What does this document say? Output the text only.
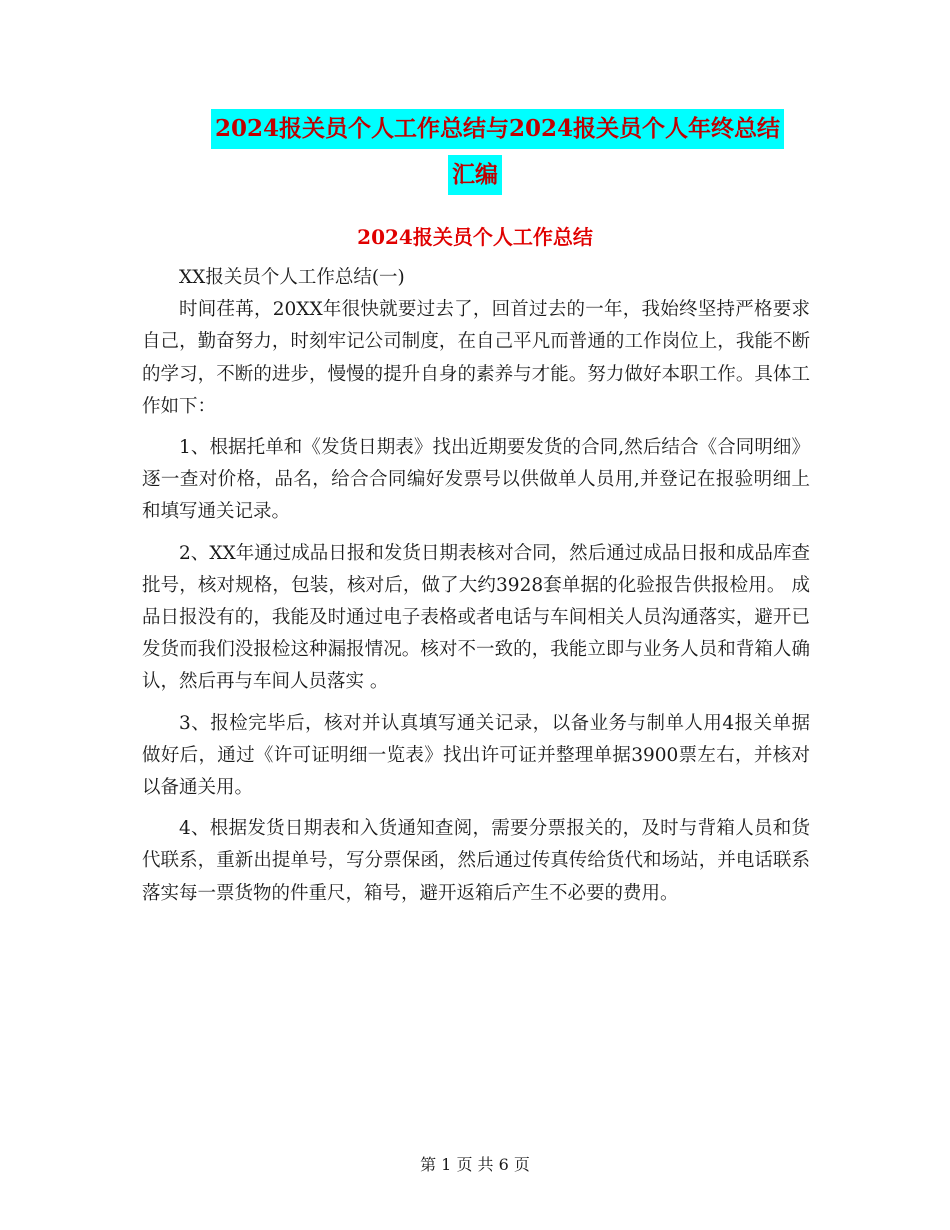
2024报关员个人工作总结与2024报关员个人年终总结
汇编
2024报关员个人工作总结

XX报关员个人工作总结(一)

时间荏苒，20XX年很快就要过去了，回首过去的一年，我始终坚持严格要求自己，勤奋努力，时刻牢记公司制度，在自己平凡而普通的工作岗位上，我能不断的学习，不断的进步，慢慢的提升自身的素养与才能。努力做好本职工作。具体工作如下：

1、根据托单和《发货日期表》找出近期要发货的合同,然后结合《合同明细》逐一查对价格，品名，给合合同编好发票号以供做单人员用,并登记在报验明细上和填写通关记录。

2、XX年通过成品日报和发货日期表核对合同，然后通过成品日报和成品库查批号，核对规格，包装，核对后，做了大约3928套单据的化验报告供报检用。 成品日报没有的，我能及时通过电子表格或者电话与车间相关人员沟通落实，避开已发货而我们没报检这种漏报情况。核对不一致的，我能立即与业务人员和背箱人确认，然后再与车间人员落实 。

3、报检完毕后，核对并认真填写通关记录，以备业务与制单人用4报关单据做好后，通过《许可证明细一览表》找出许可证并整理单据3900票左右，并核对以备通关用。

4、根据发货日期表和入货通知查阅，需要分票报关的，及时与背箱人员和货代联系，重新出提单号，写分票保函，然后通过传真传给货代和场站，并电话联系落实每一票货物的件重尺，箱号，避开返箱后产生不必要的费用。

第 1 页 共 6 页
